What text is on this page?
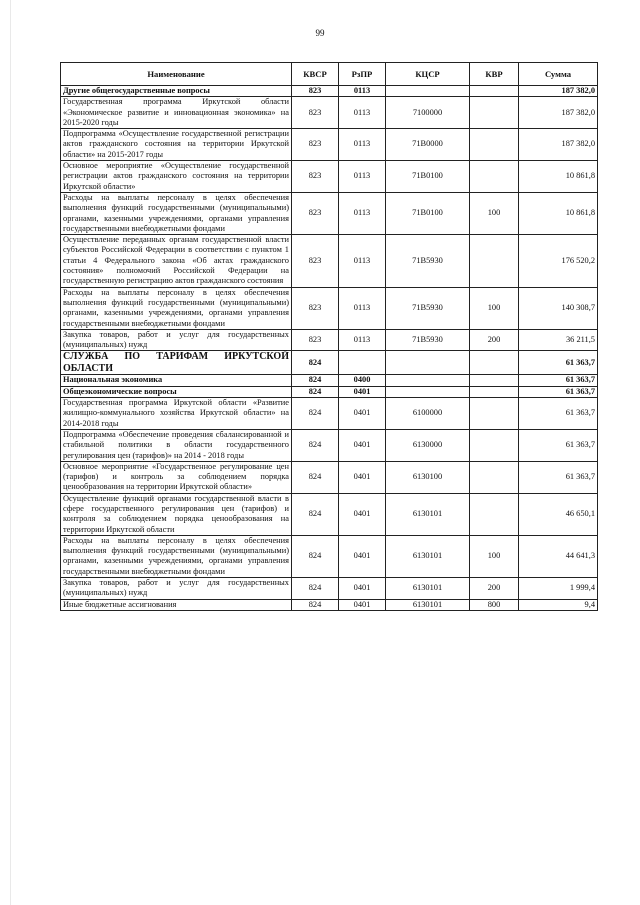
99
Наименование	КВСР	РзПР	КЦСР	КВР	Сумма
Другие общегосударственные вопросы	823	0113			187 382,0
Государственная программа Иркутской области «Экономическое развитие и инновационная экономика» на 2015-2020 годы	823	0113	7100000		187 382,0
Подпрограмма «Осуществление государственной регистрации актов гражданского состояния на территории Иркутской области» на 2015-2017 годы	823	0113	71В0000		187 382,0
Основное мероприятие «Осуществление государственной регистрации актов гражданского состояния на территории Иркутской области»	823	0113	71В0100		10 861,8
Расходы на выплаты персоналу в целях обеспечения выполнения функций государственными (муниципальными) органами, казенными учреждениями, органами управления государственными внебюджетными фондами	823	0113	71В0100	100	10 861,8
Осуществление переданных органам государственной власти субъектов Российской Федерации в соответствии с пунктом 1 статьи 4 Федерального закона «Об актах гражданского состояния» полномочий Российской Федерации на государственную регистрацию актов гражданского состояния	823	0113	71В5930		176 520,2
Расходы на выплаты персоналу в целях обеспечения выполнения функций государственными (муниципальными) органами, казенными учреждениями, органами управления государственными внебюджетными фондами	823	0113	71В5930	100	140 308,7
Закупка товаров, работ и услуг для государственных (муниципальных) нужд	823	0113	71В5930	200	36 211,5
СЛУЖБА ПО ТАРИФАМ ИРКУТСКОЙ ОБЛАСТИ	824				61 363,7
Национальная экономика	824	0400			61 363,7
Общеэкономические вопросы	824	0401			61 363,7
Государственная программа Иркутской области «Развитие жилищно-коммунального хозяйства Иркутской области» на 2014-2018 годы	824	0401	6100000		61 363,7
Подпрограмма «Обеспечение проведения сбалансированной и стабильной политики в области государственного регулирования цен (тарифов)» на 2014 - 2018 годы	824	0401	6130000		61 363,7
Основное мероприятие «Государственное регулирование цен (тарифов) и контроль за соблюдением порядка ценообразования на территории Иркутской области»	824	0401	6130100		61 363,7
Осуществление функций органами государственной власти в сфере государственного регулирования цен (тарифов) и контроля за соблюдением порядка ценообразования на территории Иркутской области	824	0401	6130101		46 650,1
Расходы на выплаты персоналу в целях обеспечения выполнения функций государственными (муниципальными) органами, казенными учреждениями, органами управления государственными внебюджетными фондами	824	0401	6130101	100	44 641,3
Закупка товаров, работ и услуг для государственных (муниципальных) нужд	824	0401	6130101	200	1 999,4
Иные бюджетные ассигнования	824	0401	6130101	800	9,4
